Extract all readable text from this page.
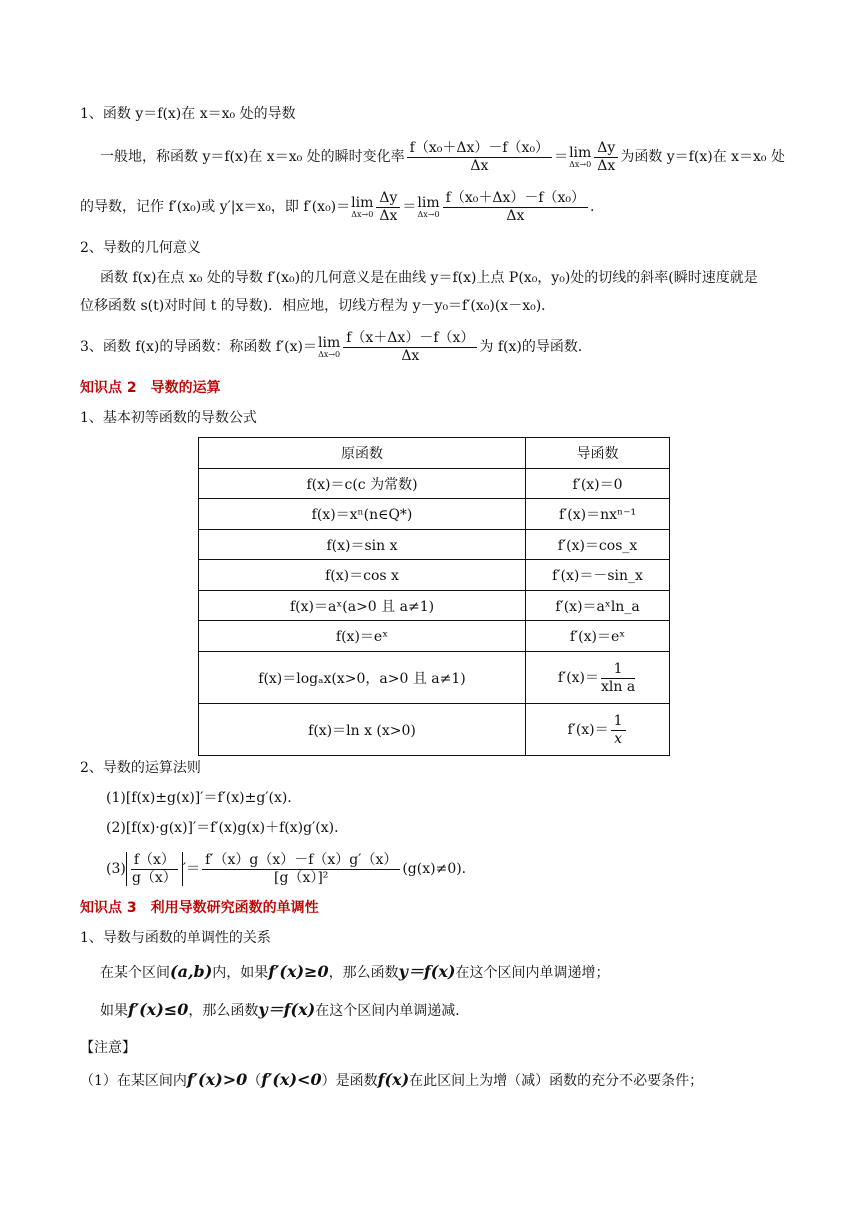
1、函数 y＝f(x)在 x＝x₀ 处的导数
一般地，称函数 y＝f(x)在 x＝x₀ 处的瞬时变化率 $\frac{\text{f（x₀＋Δx）－f（x₀）}}{\Delta x} =\lim$
$\Delta x\to 0 \frac{\Delta y}{\Delta x}$ 为函数 y＝f(x)在 x＝x₀ 处
的导数，记作 f′(x₀)或 y′|x＝x₀，即 f′(x₀)＝lim
$\Delta x\to 0 \frac{\Delta y}{\Delta x} =\lim$
$\Delta x\to 0 \frac{\text{f（x₀＋Δx）－f（x₀）}}{\Delta x}$ .
2、导数的几何意义
函数 f(x)在点 x₀ 处的导数 f′(x₀)的几何意义是在曲线 y＝f(x)上点 P(x₀，y₀)处的切线的斜率(瞬时速度就是
位移函数 s(t)对时间 t 的导数)．相应地，切线方程为 y－y₀＝f′(x₀)(x－x₀)．
3、函数 f(x)的导函数：称函数 f′(x)＝lim
$\Delta x\to 0 \frac{f(x+\Delta x)-f(x)}{\Delta x}$ 为 f(x)的导函数．
知识点 2　导数的运算
1、基本初等函数的导数公式
原函数	导函数
f(x)＝c(c 为常数)	f′(x)＝0
f(x)＝xⁿ(n∈Q*)	f′(x)＝nxⁿ⁻¹
f(x)＝sin x	f′(x)＝cos_x
f(x)＝cos x	f′(x)＝－sin_x
f(x)＝aˣ(a>0 且 a≠1)	f′(x)＝aˣln_a
f(x)＝eˣ	f′(x)＝eˣ
f(x)＝logₐx(x>0，a>0 且 a≠1)	$f'(x)= \frac{1}{\text{xln a}}$

f(x)＝ln x (x>0)	$f'(x)= \frac{1}{x}$
2、导数的运算法则
(1)[f(x)±g(x)]′＝f′(x)±g′(x)．
(2)[f(x)·g(x)]′＝f′(x)g(x)＋f(x)g′(x)．
$(3) \frac{f(x)}{g(x)}$ ′＝ $\frac{f'(x)g(x)-f(x)g'(x)}{\text{[g（x）]²}} (g(x)\ne 0)$．
知识点 3　利用导数研究函数的单调性
1、导数与函数的单调性的关系
在某个区间(a,b)内，如果f′(x)≥0，那么函数y＝f(x)在这个区间内单调递增；
如果f′(x)≤0，那么函数y＝f(x)在这个区间内单调递减．
【注意】
（1）在某区间内f′(x)>0（f′(x)<0）是函数f(x)在此区间上为增（减）函数的充分不必要条件；
